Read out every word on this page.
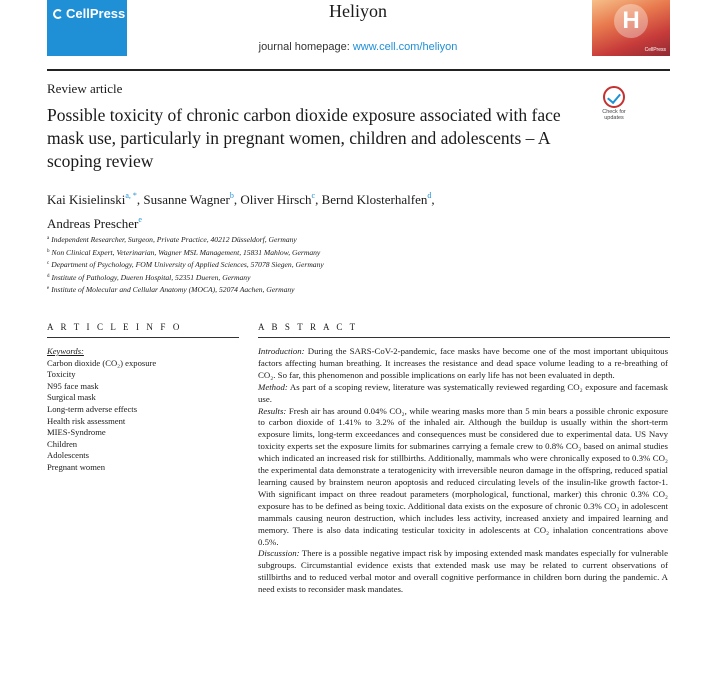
CellPress	Heliyon
journal homepage: www.cell.com/heliyon
H
CellPress
Review article
Possible toxicity of chronic carbon dioxide exposure associated with face mask use, particularly in pregnant women, children and adolescents – A scoping review
Check for updates
Kai Kisielinski$^{a, *}$, Susanne Wagner$^b$, Oliver Hirsch$^c$, Bernd Klosterhalfen$^d$,
Andreas Prescher$^e$
$^a$ Independent Researcher, Surgeon, Private Practice, 40212 Düsseldorf, Germany
$^b$ Non Clinical Expert, Veterinarian, Wagner MSL Management, 15831 Mahlow, Germany
$^c$ Department of Psychology, FOM University of Applied Sciences, 57078 Siegen, Germany
$^d$ Institute of Pathology, Dueren Hospital, 52351 Dueren, Germany
$^e$ Institute of Molecular and Cellular Anatomy (MOCA), 52074 Aachen, Germany
A R T I C L E I N F O	A B S T R A C T
Keywords:
Carbon dioxide (CO₂) exposure
Toxicity
N95 face mask
Surgical mask
Long-term adverse effects
Health risk assessment
MIES-Syndrome
Children
Adolescents
Pregnant women

Introduction: During the SARS-CoV-2-pandemic, face masks have become one of the most important ubiquitous factors affecting human breathing. It increases the resistance and dead space volume leading to a re-breathing of CO₂. So far, this phenomenon and possible implications on early life has not been evaluated in depth.

Method: As part of a scoping review, literature was systematically reviewed regarding CO₂ exposure and facemask use.

Results: Fresh air has around 0.04% CO₂, while wearing masks more than 5 min bears a possible chronic exposure to carbon dioxide of 1.41% to 3.2% of the inhaled air. Although the buildup is usually within the short-term exposure limits, long-term exceedances and consequences must be considered due to experimental data. US Navy toxicity experts set the exposure limits for submarines carrying a female crew to 0.8% CO₂ based on animal studies which indicated an increased risk for stillbirths. Additionally, mammals who were chronically exposed to 0.3% CO₂ the experimental data demonstrate a teratogenicity with irreversible neuron damage in the offspring, reduced spatial learning caused by brainstem neuron apoptosis and reduced circulating levels of the insulin-like growth factor-1. With significant impact on three readout parameters (morphological, functional, marker) this chronic 0.3% CO₂ exposure has to be defined as being toxic. Additional data exists on the exposure of chronic 0.3% CO₂ in adolescent mammals causing neuron destruction, which includes less activity, increased anxiety and impaired learning and memory. There is also data indicating testicular toxicity in adolescents at CO₂ inhalation concentrations above 0.5%.

Discussion: There is a possible negative impact risk by imposing extended mask mandates especially for vulnerable subgroups. Circumstantial evidence exists that extended mask use may be related to current observations of stillbirths and to reduced verbal motor and overall cognitive performance in children born during the pandemic. A need exists to reconsider mask mandates.
